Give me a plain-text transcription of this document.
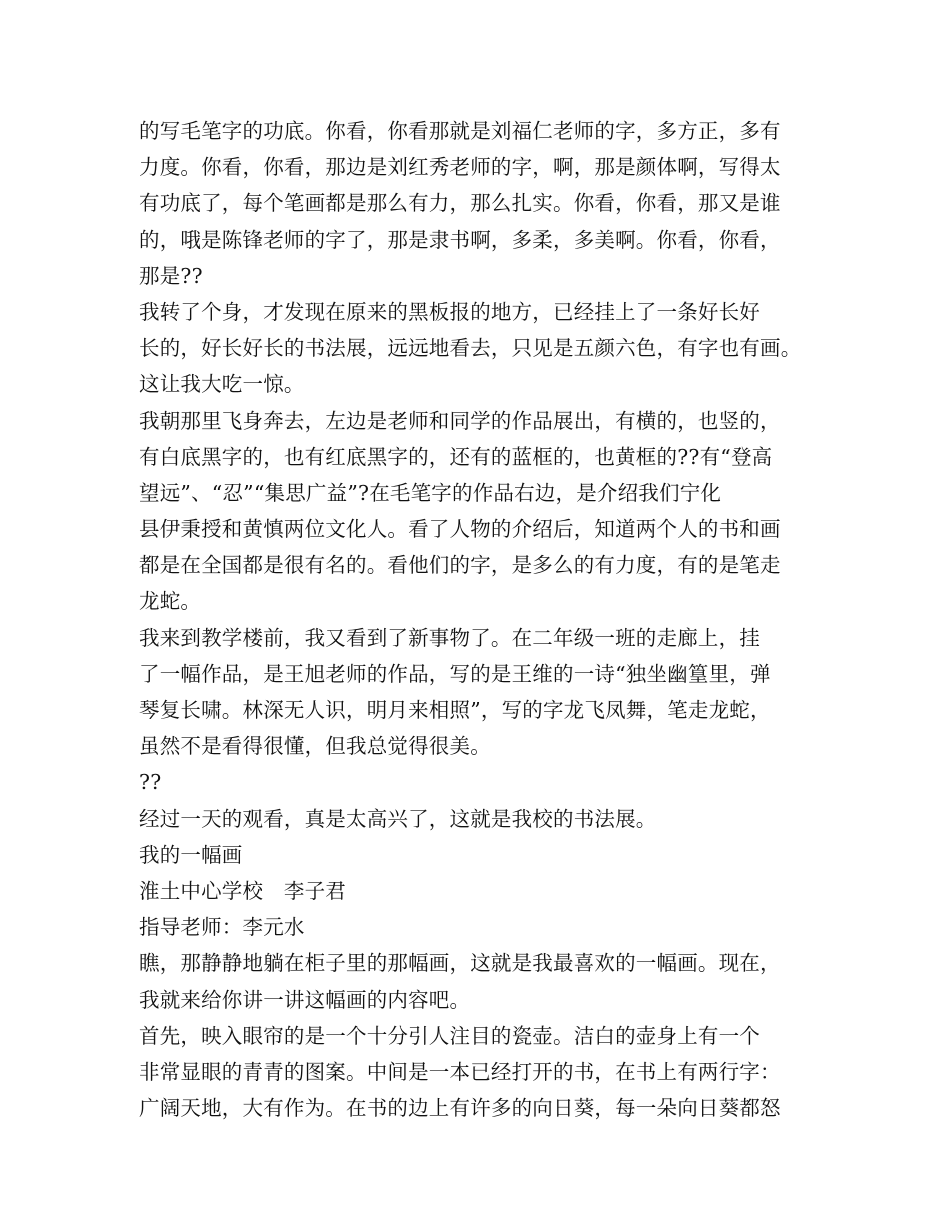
的写毛笔字的功底。你看，你看那就是刘福仁老师的字，多方正，多有
力度。你看，你看，那边是刘红秀老师的字，啊，那是颜体啊，写得太
有功底了，每个笔画都是那么有力，那么扎实。你看，你看，那又是谁
的，哦是陈锋老师的字了，那是隶书啊，多柔，多美啊。你看，你看，
那是??
我转了个身，才发现在原来的黑板报的地方，已经挂上了一条好长好
长的，好长好长的书法展，远远地看去，只见是五颜六色，有字也有画。
这让我大吃一惊。
我朝那里飞身奔去，左边是老师和同学的作品展出，有横的，也竖的，
有白底黑字的，也有红底黑字的，还有的蓝框的，也黄框的??有“登高
望远”、“忍”“集思广益”?在毛笔字的作品右边，是介绍我们宁化
县伊秉授和黄慎两位文化人。看了人物的介绍后，知道两个人的书和画
都是在全国都是很有名的。看他们的字，是多么的有力度，有的是笔走
龙蛇。
我来到教学楼前，我又看到了新事物了。在二年级一班的走廊上，挂
了一幅作品，是王旭老师的作品，写的是王维的一诗“独坐幽篁里，弹
琴复长啸。林深无人识，明月来相照”，写的字龙飞凤舞，笔走龙蛇，
虽然不是看得很懂，但我总觉得很美。
??
经过一天的观看，真是太高兴了，这就是我校的书法展。
我的一幅画
淮土中心学校　李子君
指导老师：李元水
瞧，那静静地躺在柜子里的那幅画，这就是我最喜欢的一幅画。现在，
我就来给你讲一讲这幅画的内容吧。
首先，映入眼帘的是一个十分引人注目的瓷壶。洁白的壶身上有一个
非常显眼的青青的图案。中间是一本已经打开的书，在书上有两行字：
广阔天地，大有作为。在书的边上有许多的向日葵，每一朵向日葵都怒
